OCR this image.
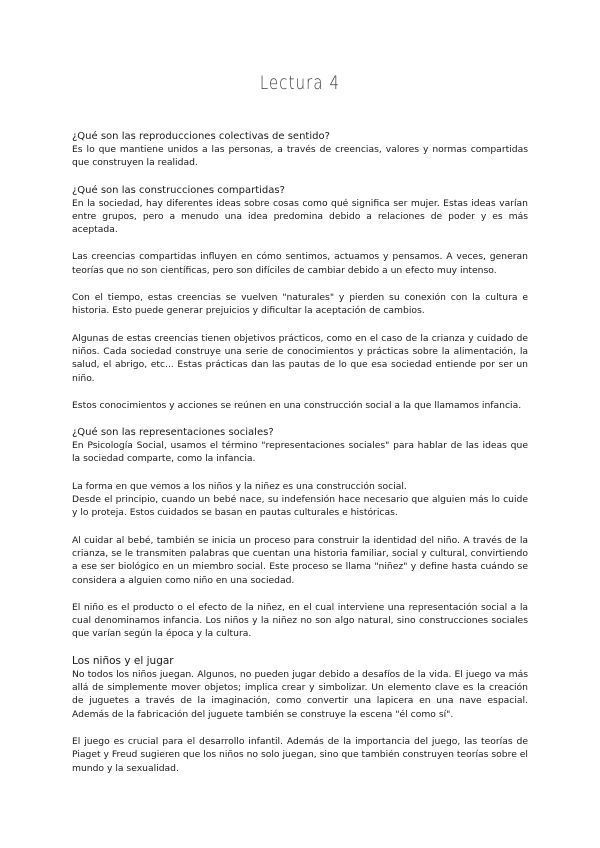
Lectura 4
¿Qué son las reproducciones colectivas de sentido?

Es lo que mantiene unidos a las personas, a través de creencias, valores y normas compartidas que construyen la realidad.

¿Qué son las construcciones compartidas?

En la sociedad, hay diferentes ideas sobre cosas como qué significa ser mujer. Estas ideas varían entre grupos, pero a menudo una idea predomina debido a relaciones de poder y es más aceptada.

Las creencias compartidas influyen en cómo sentimos, actuamos y pensamos. A veces, generan teorías que no son científicas, pero son difíciles de cambiar debido a un efecto muy intenso.

Con el tiempo, estas creencias se vuelven "naturales" y pierden su conexión con la cultura e historia. Esto puede generar prejuicios y dificultar la aceptación de cambios.

Algunas de estas creencias tienen objetivos prácticos, como en el caso de la crianza y cuidado de niños. Cada sociedad construye una serie de conocimientos y prácticas sobre la alimentación, la salud, el abrigo, etc... Estas prácticas dan las pautas de lo que esa sociedad entiende por ser un niño.

Estos conocimientos y acciones se reúnen en una construcción social a la que llamamos infancia.

¿Qué son las representaciones sociales?

En Psicología Social, usamos el término "representaciones sociales" para hablar de las ideas que la sociedad comparte, como la infancia.

La forma en que vemos a los niños y la niñez es una construcción social.

Desde el principio, cuando un bebé nace, su indefensión hace necesario que alguien más lo cuide y lo proteja. Estos cuidados se basan en pautas culturales e históricas.

Al cuidar al bebé, también se inicia un proceso para construir la identidad del niño. A través de la crianza, se le transmiten palabras que cuentan una historia familiar, social y cultural, convirtiendo a ese ser biológico en un miembro social. Este proceso se llama "niñez" y define hasta cuándo se considera a alguien como niño en una sociedad.

El niño es el producto o el efecto de la niñez, en el cual interviene una representación social a la cual denominamos infancia. Los niños y la niñez no son algo natural, sino construcciones sociales que varían según la época y la cultura.

Los niños y el jugar

No todos los niños juegan. Algunos, no pueden jugar debido a desafíos de la vida. El juego va más allá de simplemente mover objetos; implica crear y simbolizar. Un elemento clave es la creación de juguetes a través de la imaginación, como convertir una lapicera en una nave espacial. Además de la fabricación del juguete también se construye la escena "él como sí".

El juego es crucial para el desarrollo infantil. Además de la importancia del juego, las teorías de Piaget y Freud sugieren que los niños no solo juegan, sino que también construyen teorías sobre el mundo y la sexualidad.
